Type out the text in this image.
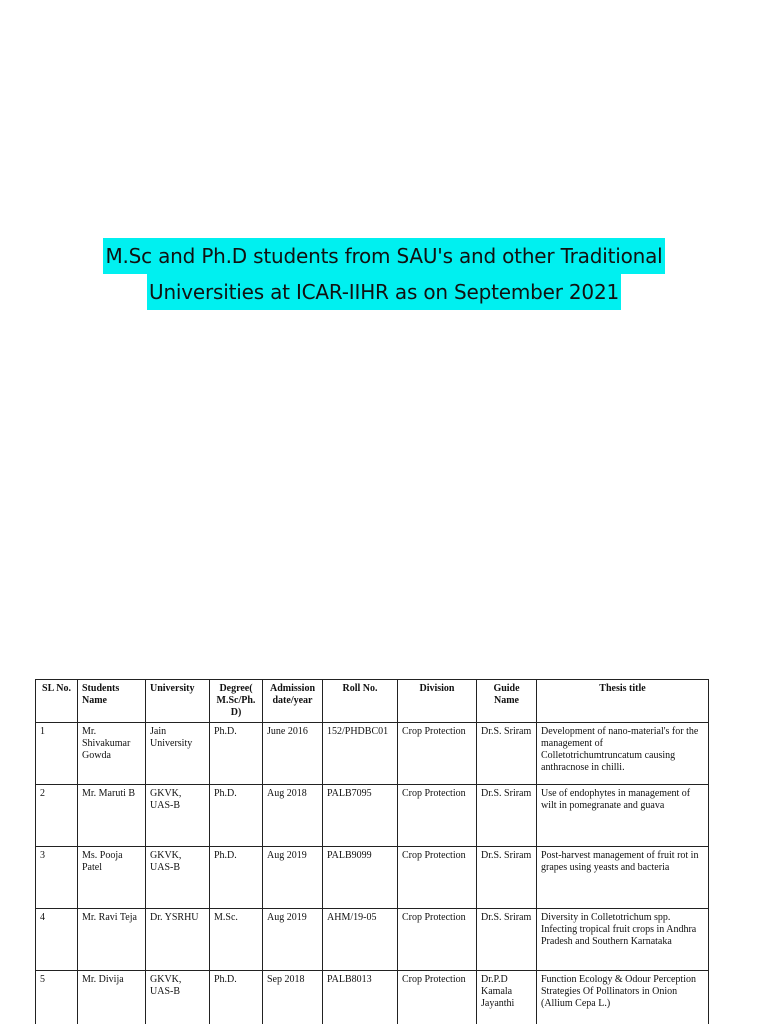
M.Sc and Ph.D students from SAU's and other Traditional
Universities at ICAR-IIHR as on September 2021
SL No.	Students Name	University	Degree( M.Sc/Ph. D)	Admission date/year	Roll No.	Division	Guide Name	Thesis title
1	Mr. Shivakumar Gowda	Jain University	Ph.D.	June 2016	152/PHDBC01	Crop Protection	Dr.S. Sriram	Development of nano-material's for the management of Colletotrichumtruncatum causing anthracnose in chilli.
2	Mr. Maruti B	GKVK, UAS-B	Ph.D.	Aug 2018	PALB7095	Crop Protection	Dr.S. Sriram	Use of endophytes in management of wilt in pomegranate and guava
3	Ms. Pooja Patel	GKVK, UAS-B	Ph.D.	Aug 2019	PALB9099	Crop Protection	Dr.S. Sriram	Post-harvest management of fruit rot in grapes using yeasts and bacteria
4	Mr. Ravi Teja	Dr. YSRHU	M.Sc.	Aug 2019	AHM/19-05	Crop Protection	Dr.S. Sriram	Diversity in Colletotrichum spp. Infecting tropical fruit crops in Andhra Pradesh and Southern Karnataka
5	Mr. Divija	GKVK, UAS-B	Ph.D.	Sep 2018	PALB8013	Crop Protection	Dr.P.D Kamala Jayanthi	Function Ecology & Odour Perception Strategies Of Pollinators in Onion (Allium Cepa L.)
